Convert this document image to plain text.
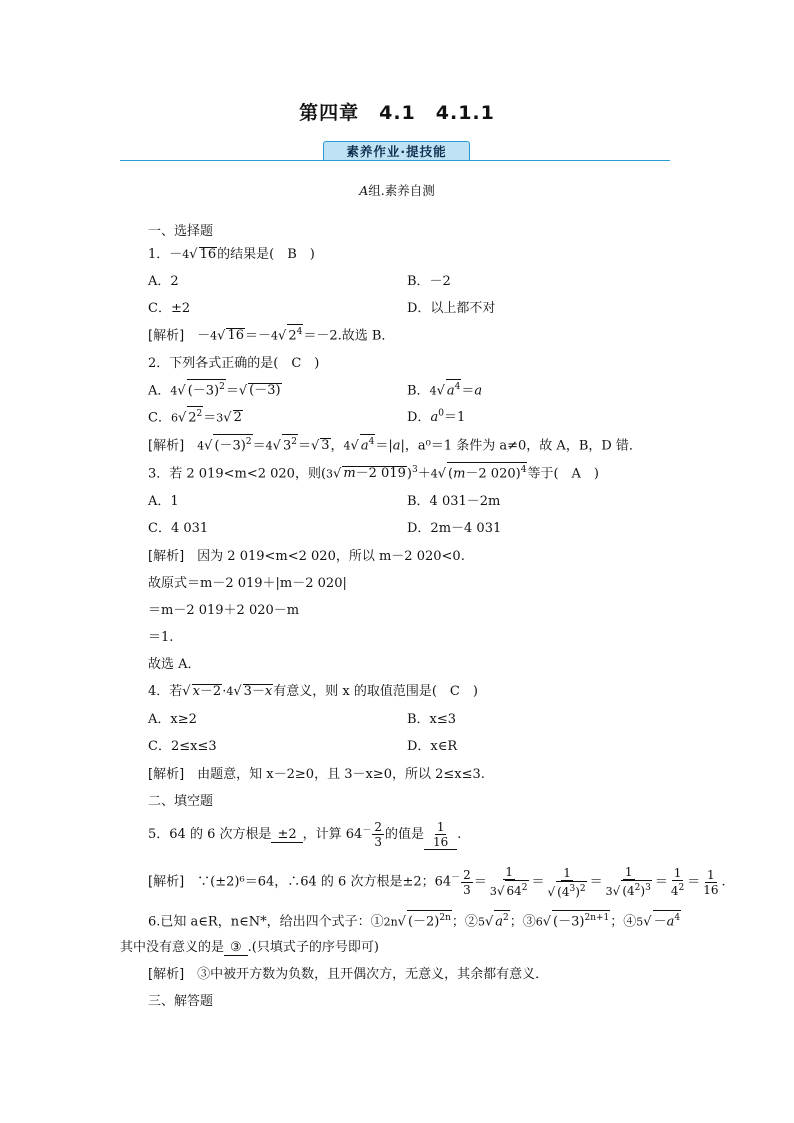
第四章　4.1　4.1.1
素养作业·提技能
A组.素养自测
一、选择题
1．－4√ 16的结果是(　B　)
A．2	B．－2
C．±2	D．以上都不对
[解析]　－4√ 16＝－4√ $2^4=-2$.故选 B．
2．下列各式正确的是(　C　)
A．4√ $(-3)^2=√$ (－3)	B．4√ $a^4=a$
C．6√ $2^2=3√$ 2	D．$a^0=1$
[解析]　 4√ $(-3)^2=4√$ $3^2=√$ 3，4√ $a^4=|a|$，a⁰＝1 条件为 a≠0，故 A，B，D 错．
3．若 2 019<m<2 020，则(3√ m－2 019)$^3$＋4√ (m－2 020)$^4$等于(　A　)
A．1	B．4 031－2m
C．4 031	D．2m－4 031
[解析]　 因为 2 019<m<2 020，所以 m－2 020<0.
故原式＝m－2 019＋|m－2 020|
＝m－2 019＋2 020－m
＝1.
故选 A．
4．若√ x－2·4√ 3－x有意义，则 x 的取值范围是(　C　)
A．x≥2	B．x≤3
C．2≤x≤3	D．x∈R
[解析]　 由题意，知 x－2≥0，且 3－x≥0，所以 2≤x≤3.
二、填空题
5．64 的 6 次方根是 ±2 ，计算 $64^- \frac{2}{3}$ 的值是 $\frac{1}{16}$ .
[解析]　 ∵(±2)⁶＝64，∴64 的 6 次方根是±2；$64^- \frac{2}{3} = \frac{1}{3√ 64^2} = \frac{1}{√ (4^3)^2} = \frac{1}{3√ (4^2)^3} = \frac{1}{4^2} = \frac{1}{16}$ .
6.已知 a∈R，n∈N*，给出四个式子：①2n√ $(-2)^{2n}$；②5√ $a^2$；③6√ $(-3)^{2n+1}$；④5√ $-a^4$
其中没有意义的是 ③ .(只填式子的序号即可)
[解析]　 ③中被开方数为负数，且开偶次方，无意义，其余都有意义．
三、解答题
